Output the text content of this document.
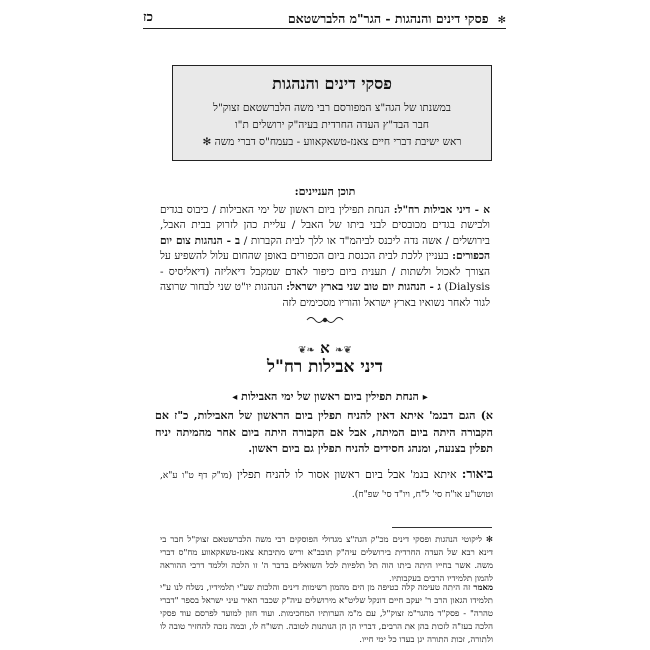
✻ פסקי דינים והנהגות - הגר"מ הלברשטאם
כז
פסקי דינים והנהגות
במשנתו של הגה"צ המפורסם רבי משה הלברשטאם זצוק"ל
חבר הבד"ץ העדה החרדית בעיה"ק ירושלים ת"ו
ראש ישיבת דברי חיים צאנז-טשאקאווע - בעמח"ס דברי משה ✻
תוכן העניינים:
א - דיני אבילות רח"ל: הנחת תפילין ביום ראשון של ימי האבילות / כיבוס בגדים ולבישת בגדים מכובסים לבני ביתו של האבל / עליית כהן לזרוק בבית האבל, בירושלים / אשה נדה ליכנס לביהמ"ד או ללך לבית הקברות / ב - הנהגות צום יום הכפורים: בעניין ללכת לבית הכנסת ביום הכפורים באופן שהחום עלול להשפיע על הצורך לאכול ולשתות / תענית ביום כיפור לאדם שמקבל דיאליזה (דיאליסיס - Dialysis) ג - הנהגות יום טוב שני בארץ ישראל: הנהגות יו"ט שני לבחור שרוצה לגור לאחר נשואיו בארץ ישראל והוריו מסכימים לזה
❦❧ א ❧❦
דיני אבילות רח"ל
▸ הנחת תפילין ביום ראשון של ימי האבילות ◂
א) הגם דבגמ' איתא דאין להניח תפלין ביום הראשון של האבילות, כ"ז אם הקבורה היתה ביום המיתה, אבל אם הקבורה היתה ביום אחר מהמיתה יניח תפלין בצנעה, ומנהג חסידים להניח תפלין גם ביום ראשון.
ביאור: איתא בגמ' אבל ביום ראשון אסור לו להניח תפלין (מו"ק דף ט"ו ע"א, וטושו"ע או"ח סי' ל"ח, ויו"ד סי' שפ"ח).
✻ ליקוטי הנהגות ופסקי דינים מכ"ק הגה"צ מגדולי הפוסקים רבי משה הלברשטאם זצוק"ל חבר בי דינא רבא של העדה החרדית בירושלים עיה"ק תובב"א וריש מתיבתא צאנז-טשאקאווע מח"ס דברי משה. אשר בחייו היתה ביתו הוה תל תלפיות לכל השואלים בדבר ה' זו הלכה וללמד דרכי ההוראה להמון תלמידיו הרבים בעקבותיו.
מאמר זה היתה טעימה קלה כטיפה מן הים מהמון רשימות דינים והלכות שע"י תלמידיו, נשלח לנו ע"י תלמידו הגאון הרב ר' יעקב חיים דונקל שליט"א מירושלים עיה"ק שכבר האיר עיני ישראל בספר "דברי טהרה" - פסק"ד מהגר"מ זצוק"ל, עם מ"מ הערותיו המחכימות. ועוד חזון למועד לפרסם עוד פסקי הלכה בעז"ה לזכות בהן את הרבים, דבריו הן הן הנותנות לטובה. תשו"ח לו, ובמה נזכה להחזיר טובה לו ולתורה, זכות התורה יגן בעדו כל ימי חייו.
